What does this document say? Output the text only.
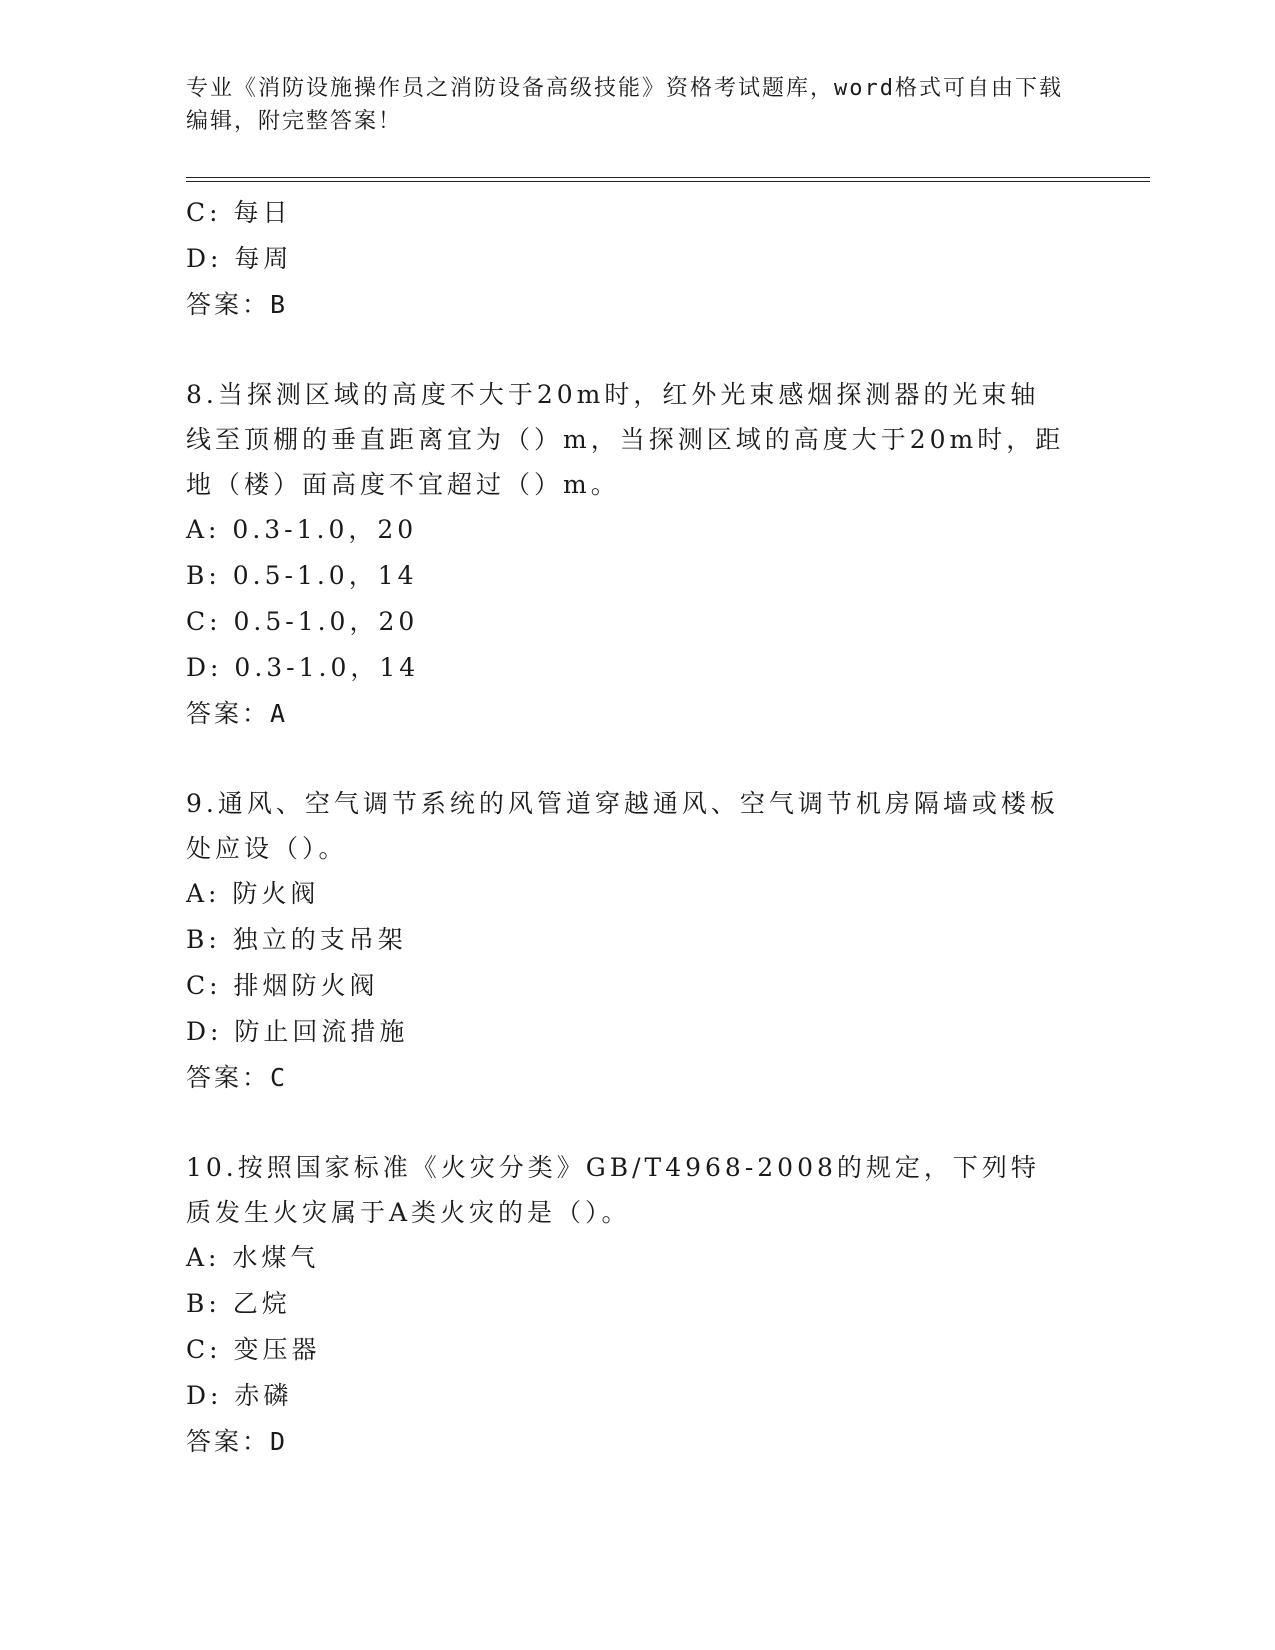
专业《消防设施操作员之消防设备高级技能》资格考试题库，word格式可自由下载编辑，附完整答案！
C: 每日
D: 每周
答案：B
8.当探测区域的高度不大于20m时，红外光束感烟探测器的光束轴线至顶棚的垂直距离宜为（）m，当探测区域的高度大于20m时，距地（楼）面高度不宜超过（）m。
A: 0.3-1.0，20
B: 0.5-1.0，14
C: 0.5-1.0，20
D: 0.3-1.0，14
答案：A
9.通风、空气调节系统的风管道穿越通风、空气调节机房隔墙或楼板处应设（）。
A: 防火阀
B: 独立的支吊架
C: 排烟防火阀
D: 防止回流措施
答案：C
10.按照国家标准《火灾分类》GB/T4968-2008的规定，下列特质发生火灾属于A类火灾的是（）。
A: 水煤气
B: 乙烷
C: 变压器
D: 赤磷
答案：D
